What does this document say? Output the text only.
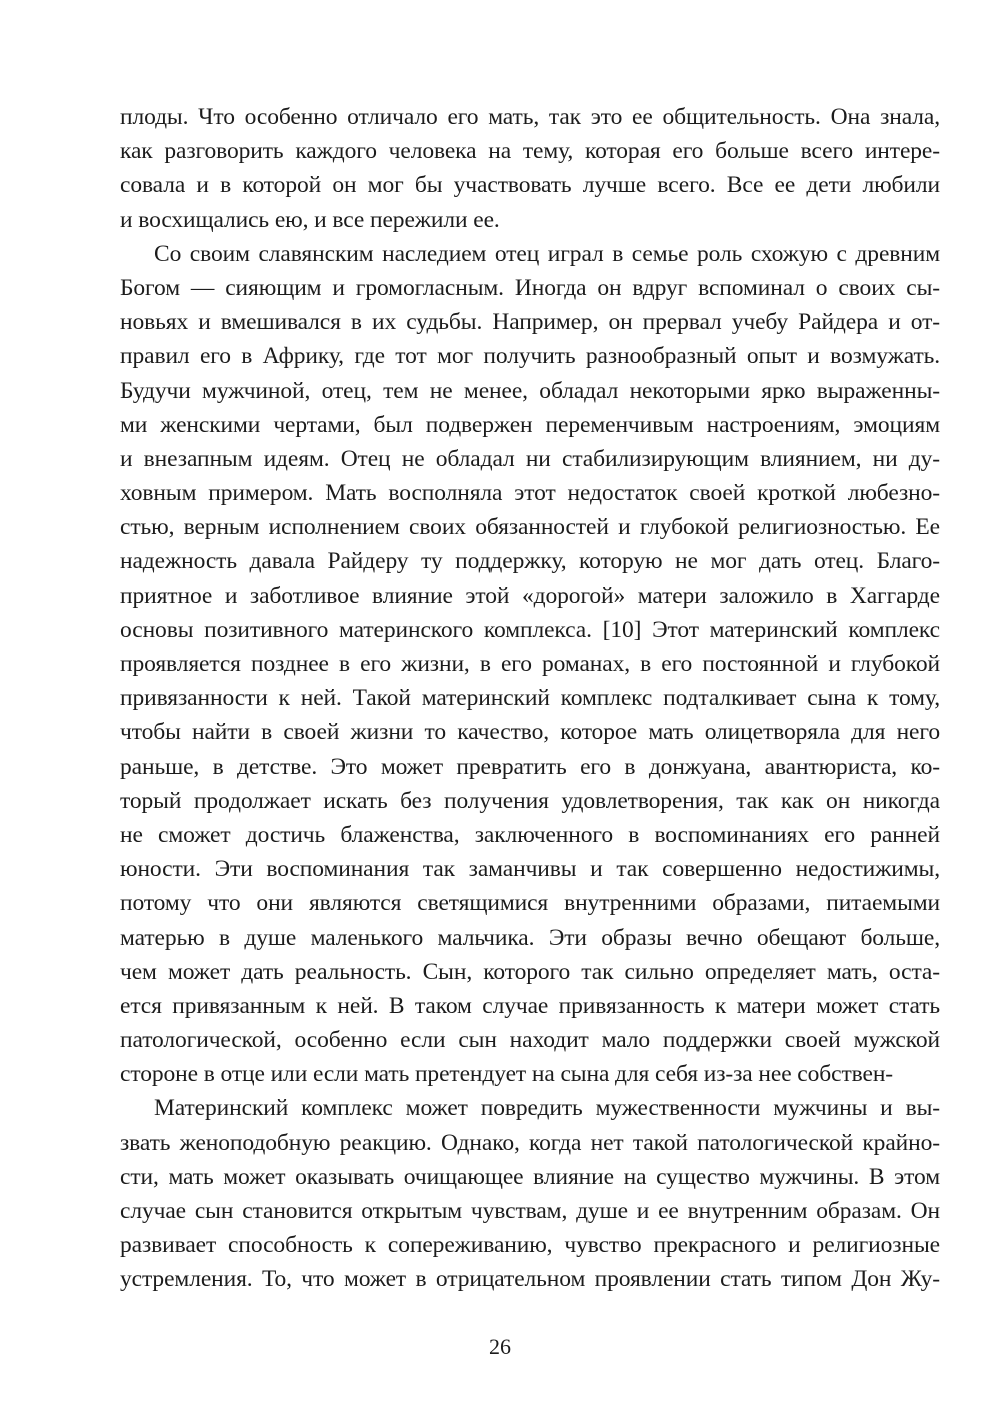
плоды. Что особенно отличало его мать, так это ее общительность. Она знала,
как разговорить каждого человека на тему, которая его больше всего интере-
совала и в которой он мог бы участвовать лучше всего. Все ее дети любили
и восхищались ею, и все пережили ее.
Со своим славянским наследием отец играл в семье роль схожую с древним
Богом — сияющим и громогласным. Иногда он вдруг вспоминал о своих сы-
новьях и вмешивался в их судьбы. Например, он прервал учебу Райдера и от-
правил его в Африку, где тот мог получить разнообразный опыт и возмужать.
Будучи мужчиной, отец, тем не менее, обладал некоторыми ярко выраженны-
ми женскими чертами, был подвержен переменчивым настроениям, эмоциям
и внезапным идеям. Отец не обладал ни стабилизирующим влиянием, ни ду-
ховным примером. Мать восполняла этот недостаток своей кроткой любезно-
стью, верным исполнением своих обязанностей и глубокой религиозностью. Ее
надежность давала Райдеру ту поддержку, которую не мог дать отец. Благо-
приятное и заботливое влияние этой «дорогой» матери заложило в Хаггарде
основы позитивного материнского комплекса. [10] Этот материнский комплекс
проявляется позднее в его жизни, в его романах, в его постоянной и глубокой
привязанности к ней. Такой материнский комплекс подталкивает сына к тому,
чтобы найти в своей жизни то качество, которое мать олицетворяла для него
раньше, в детстве. Это может превратить его в донжуана, авантюриста, ко-
торый продолжает искать без получения удовлетворения, так как он никогда
не сможет достичь блаженства, заключенного в воспоминаниях его ранней
юности. Эти воспоминания так заманчивы и так совершенно недостижимы,
потому что они являются светящимися внутренними образами, питаемыми
матерью в душе маленького мальчика. Эти образы вечно обещают больше,
чем может дать реальность. Сын, которого так сильно определяет мать, оста-
ется привязанным к ней. В таком случае привязанность к матери может стать
патологической, особенно если сын находит мало поддержки своей мужской
стороне в отце или если мать претендует на сына для себя из-за нее собствен-
Материнский комплекс может повредить мужественности мужчины и вы-
звать женоподобную реакцию. Однако, когда нет такой патологической крайно-
сти, мать может оказывать очищающее влияние на существо мужчины. В этом
случае сын становится открытым чувствам, душе и ее внутренним образам. Он
развивает способность к сопереживанию, чувство прекрасного и религиозные
устремления. То, что может в отрицательном проявлении стать типом Дон Жу-
26
